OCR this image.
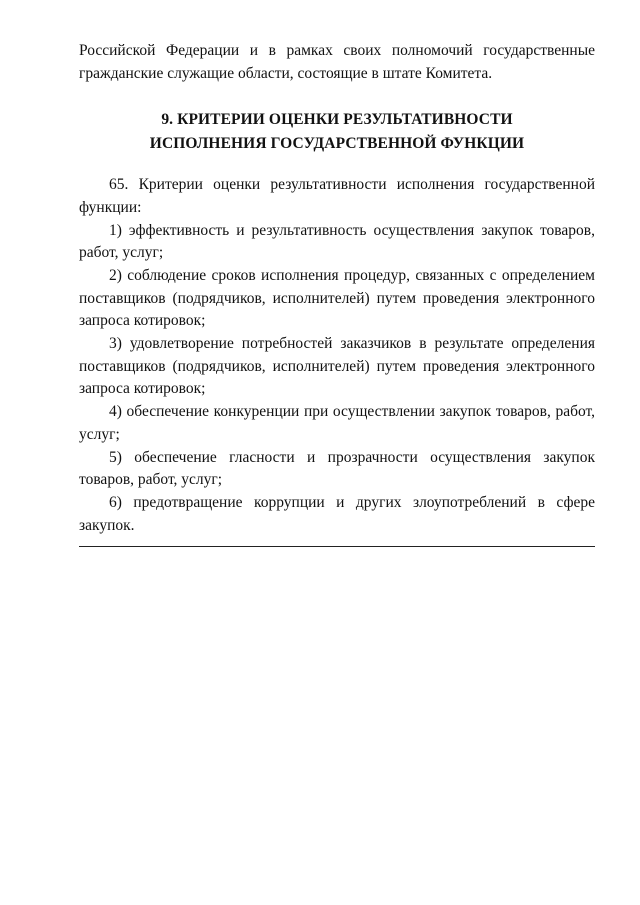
Российской Федерации и в рамках своих полномочий государственные гражданские служащие области, состоящие в штате Комитета.
9. КРИТЕРИИ ОЦЕНКИ РЕЗУЛЬТАТИВНОСТИ
ИСПОЛНЕНИЯ ГОСУДАРСТВЕННОЙ ФУНКЦИИ
65. Критерии оценки результативности исполнения государственной функции:
1) эффективность и результативность осуществления закупок товаров, работ, услуг;
2) соблюдение сроков исполнения процедур, связанных с определением поставщиков (подрядчиков, исполнителей) путем проведения электронного запроса котировок;
3) удовлетворение потребностей заказчиков в результате определения поставщиков (подрядчиков, исполнителей) путем проведения электронного запроса котировок;
4) обеспечение конкуренции при осуществлении закупок товаров, работ, услуг;
5) обеспечение гласности и прозрачности осуществления закупок товаров, работ, услуг;
6) предотвращение коррупции и других злоупотреблений в сфере закупок.
